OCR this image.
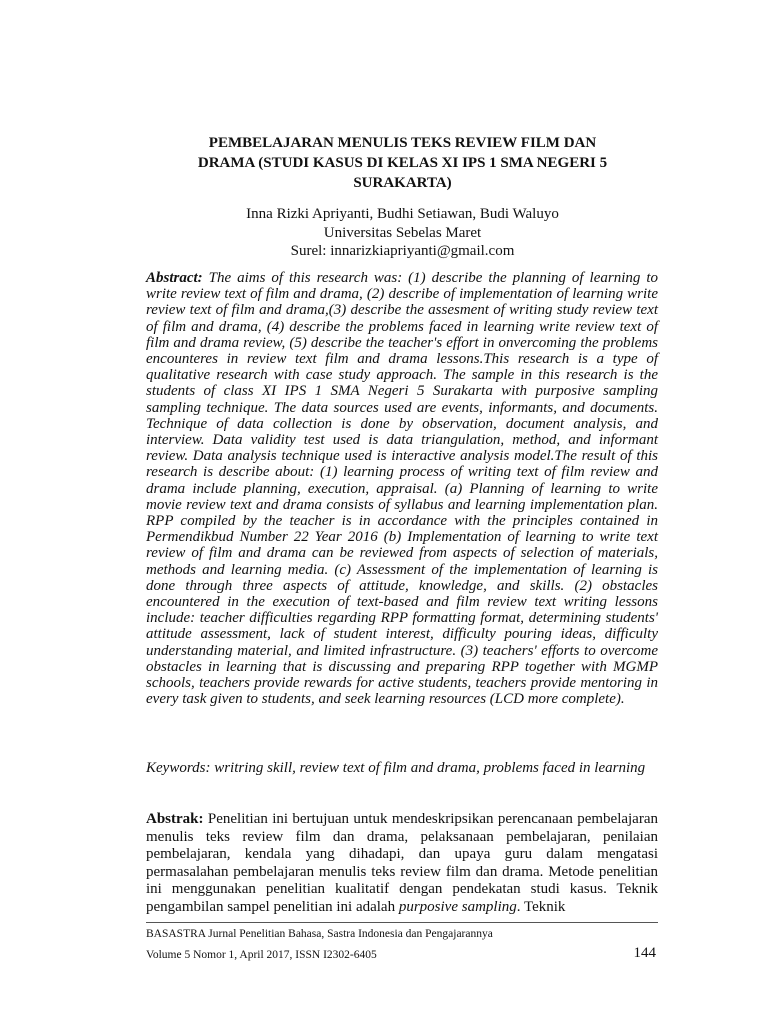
PEMBELAJARAN MENULIS TEKS REVIEW FILM DAN
DRAMA (STUDI KASUS DI KELAS XI IPS 1 SMA NEGERI 5
SURAKARTA)
Inna Rizki Apriyanti, Budhi Setiawan, Budi Waluyo
Universitas Sebelas Maret
Surel: innarizkiapriyanti@gmail.com

Abstract: The aims of this research was: (1) describe the planning of learning to write review text of film and drama, (2) describe of implementation of learning write review text of film and drama,(3) describe the assesment of writing study review text of film and drama, (4) describe the problems faced in learning write review text of film and drama review, (5) describe the teacher's effort in onvercoming the problems encounteres in review text film and drama lessons.This research is a type of qualitative research with case study approach. The sample in this research is the students of class XI IPS 1 SMA Negeri 5 Surakarta with purposive sampling sampling technique. The data sources used are events, informants, and documents. Technique of data collection is done by observation, document analysis, and interview. Data validity test used is data triangulation, method, and informant review. Data analysis technique used is interactive analysis model.The result of this research is describe about: (1) learning process of writing text of film review and drama include planning, execution, appraisal. (a) Planning of learning to write movie review text and drama consists of syllabus and learning implementation plan. RPP compiled by the teacher is in accordance with the principles contained in Permendikbud Number 22 Year 2016 (b) Implementation of learning to write text review of film and drama can be reviewed from aspects of selection of materials, methods and learning media. (c) Assessment of the implementation of learning is done through three aspects of attitude, knowledge, and skills. (2) obstacles encountered in the execution of text-based and film review text writing lessons include: teacher difficulties regarding RPP formatting format, determining students' attitude assessment, lack of student interest, difficulty pouring ideas, difficulty understanding material, and limited infrastructure. (3) teachers' efforts to overcome obstacles in learning that is discussing and preparing RPP together with MGMP schools, teachers provide rewards for active students, teachers provide mentoring in every task given to students, and seek learning resources (LCD more complete).

Keywords: writring skill, review text of film and drama, problems faced in learning

Abstrak: Penelitian ini bertujuan untuk mendeskripsikan perencanaan pembelajaran menulis teks review film dan drama, pelaksanaan pembelajaran, penilaian pembelajaran, kendala yang dihadapi, dan upaya guru dalam mengatasi permasalahan pembelajaran menulis teks review film dan drama. Metode penelitian ini menggunakan penelitian kualitatif dengan pendekatan studi kasus. Teknik pengambilan sampel penelitian ini adalah purposive sampling. Teknik

BASASTRA Jurnal Penelitian Bahasa, Sastra Indonesia dan Pengajarannya
Volume 5 Nomor 1, April 2017, ISSN I2302-6405	144
